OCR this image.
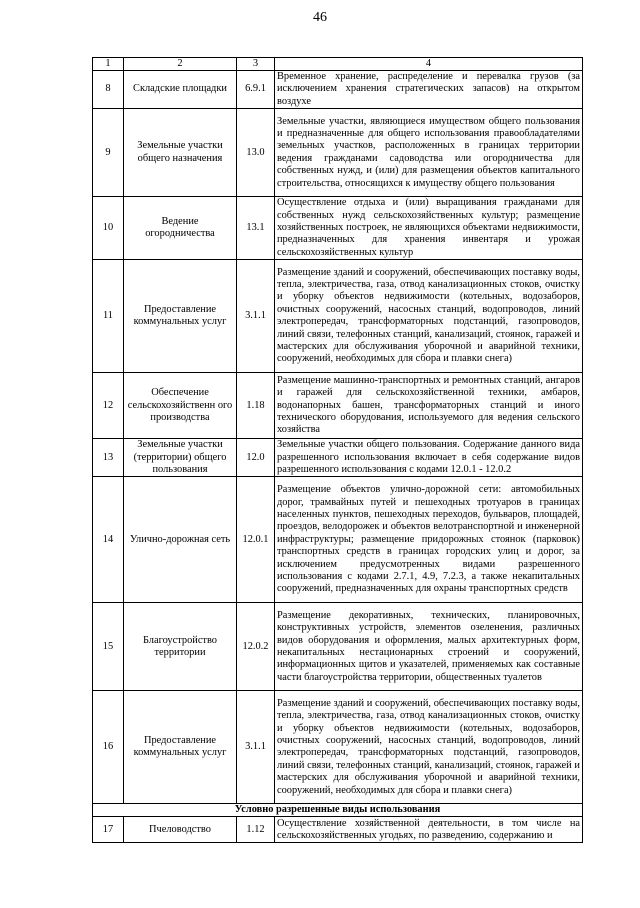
46
1	2	3	4
8	Складские площадки	6.9.1	Временное хранение, распределение и перевалка грузов (за исключением хранения стратегических запасов) на открытом воздухе
9	Земельные участки общего назначения	13.0	Земельные участки, являющиеся имуществом общего пользования и предназначенные для общего использования правообладателями земельных участков, расположенных в границах территории ведения гражданами садоводства или огородничества для собственных нужд, и (или) для размещения объектов капитального строительства, относящихся к имуществу общего пользования
10	Ведение огородничества	13.1	Осуществление отдыха и (или) выращивания гражданами для собственных нужд сельскохозяйственных культур; размещение хозяйственных построек, не являющихся объектами недвижимости, предназначенных для хранения инвентаря и урожая сельскохозяйственных культур
11	Предоставление коммунальных услуг	3.1.1	Размещение зданий и сооружений, обеспечивающих поставку воды, тепла, электричества, газа, отвод канализационных стоков, очистку и уборку объектов недвижимости (котельных, водозаборов, очистных сооружений, насосных станций, водопроводов, линий электропередач, трансформаторных подстанций, газопроводов, линий связи, телефонных станций, канализаций, стоянок, гаражей и мастерских для обслуживания уборочной и аварийной техники, сооружений, необходимых для сбора и плавки снега)
12	Обеспечение сельскохозяйственн ого производства	1.18	Размещение машинно-транспортных и ремонтных станций, ангаров и гаражей для сельскохозяйственной техники, амбаров, водонапорных башен, трансформаторных станций и иного технического оборудования, используемого для ведения сельского хозяйства
13	Земельные участки (территории) общего пользования	12.0	Земельные участки общего пользования. Содержание данного вида разрешенного использования включает в себя содержание видов разрешенного использования с кодами 12.0.1 - 12.0.2
14	Улично-дорожная сеть	12.0.1	Размещение объектов улично-дорожной сети: автомобильных дорог, трамвайных путей и пешеходных тротуаров в границах населенных пунктов, пешеходных переходов, бульваров, площадей, проездов, велодорожек и объектов велотранспортной и инженерной инфраструктуры; размещение придорожных стоянок (парковок) транспортных средств в границах городских улиц и дорог, за исключением предусмотренных видами разрешенного использования с кодами 2.7.1, 4.9, 7.2.3, а также некапитальных сооружений, предназначенных для охраны транспортных средств
15	Благоустройство территории	12.0.2	Размещение декоративных, технических, планировочных, конструктивных устройств, элементов озеленения, различных видов оборудования и оформления, малых архитектурных форм, некапитальных нестационарных строений и сооружений, информационных щитов и указателей, применяемых как составные части благоустройства территории, общественных туалетов
16	Предоставление коммунальных услуг	3.1.1	Размещение зданий и сооружений, обеспечивающих поставку воды, тепла, электричества, газа, отвод канализационных стоков, очистку и уборку объектов недвижимости (котельных, водозаборов, очистных сооружений, насосных станций, водопроводов, линий электропередач, трансформаторных подстанций, газопроводов, линий связи, телефонных станций, канализаций, стоянок, гаражей и мастерских для обслуживания уборочной и аварийной техники, сооружений, необходимых для сбора и плавки снега)
Условно разрешенные виды использования			
17	Пчеловодство	1.12	Осуществление хозяйственной деятельности, в том числе на сельскохозяйственных угодьях, по разведению, содержанию и
